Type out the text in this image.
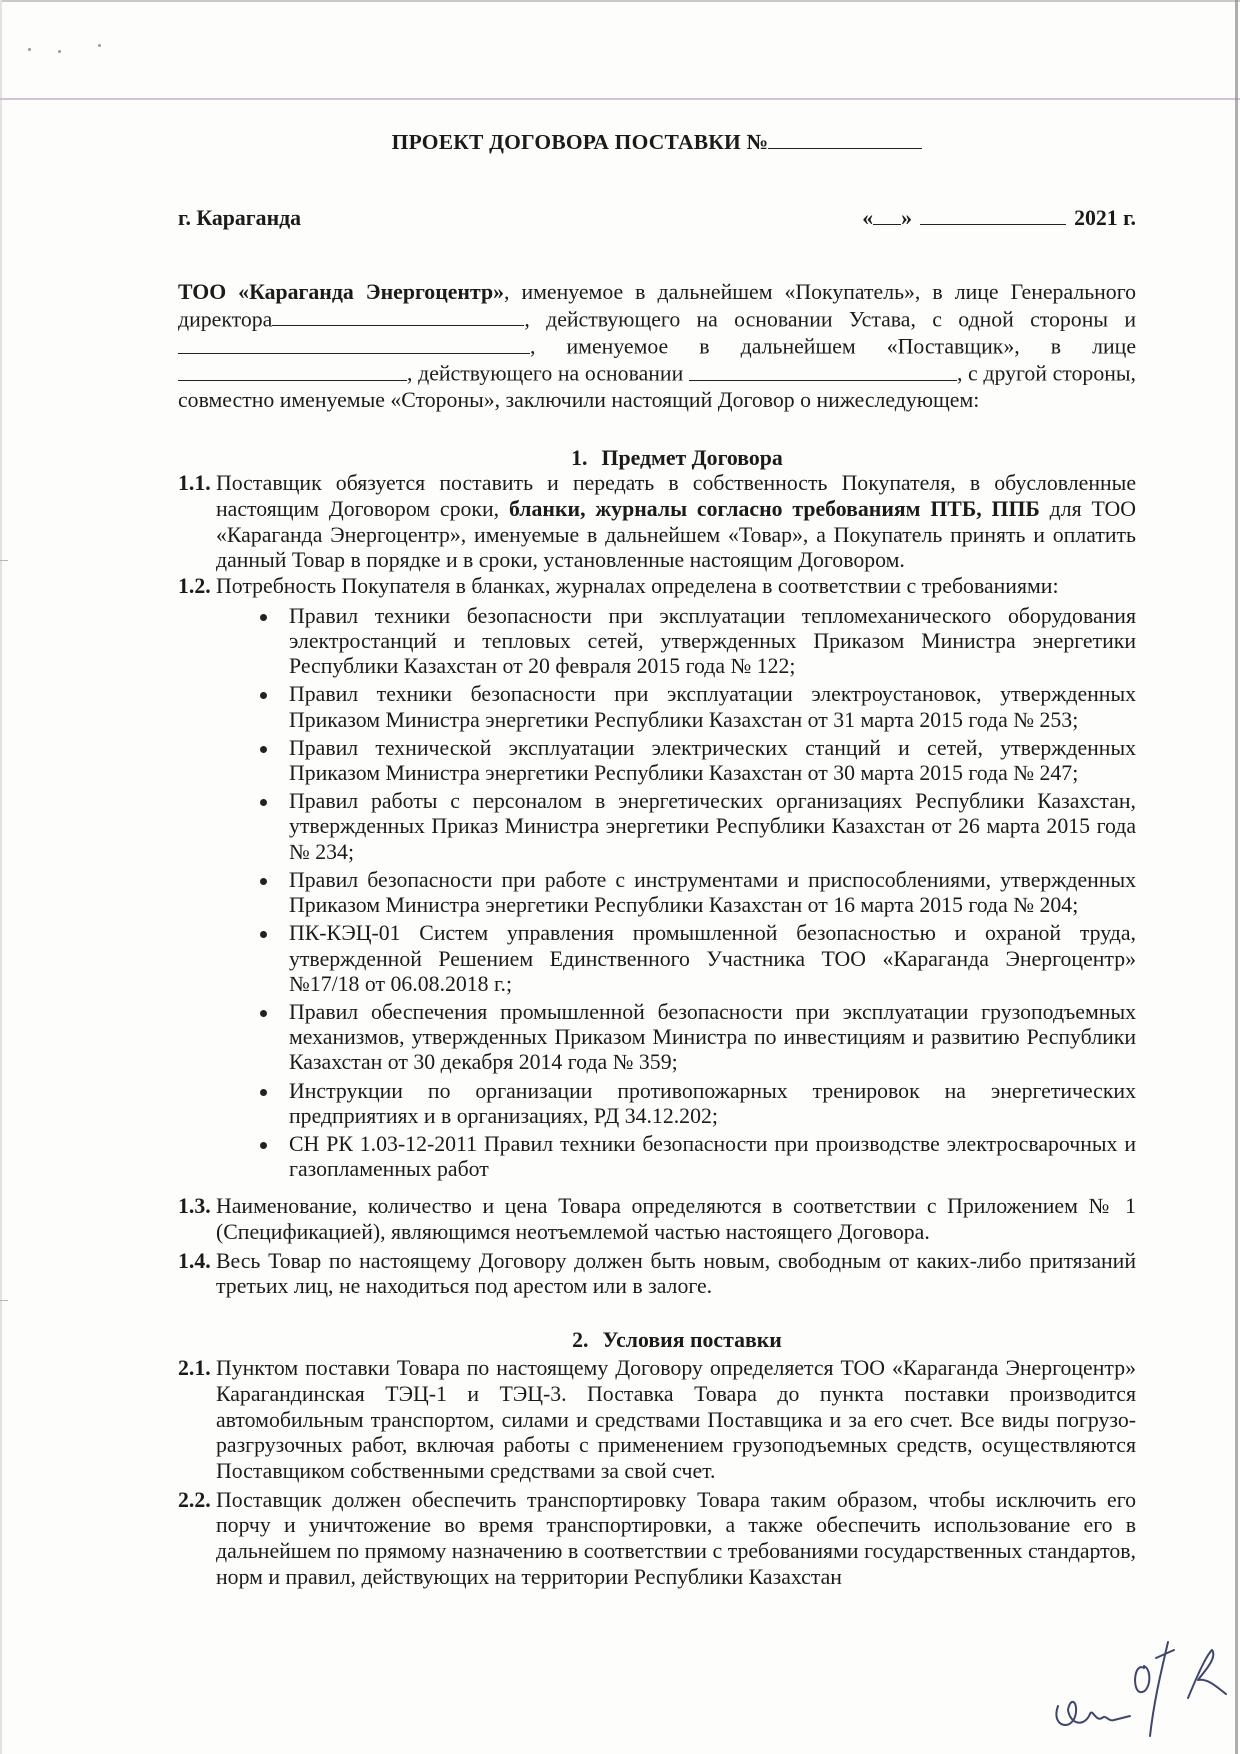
ПРОЕКТ ДОГОВОРА ПОСТАВКИ №
г. Караганда	« »	2021 г.

ТОО «Караганда Энергоцентр», именуемое в дальнейшем «Покупатель», в лице Генерального директора	, действующего на основании Устава, с одной стороны и , именуемое в дальнейшем «Поставщик», в лице , действующего на основании	, с другой стороны, совместно именуемые «Стороны», заключили настоящий Договор о нижеследующем:

1. Предмет Договора
1.1. Поставщик обязуется поставить и передать в собственность Покупателя, в обусловленные настоящим Договором сроки, бланки, журналы согласно требованиям ПТБ, ППБ для ТОО «Караганда Энергоцентр», именуемые в дальнейшем «Товар», а Покупатель принять и оплатить данный Товар в порядке и в сроки, установленные настоящим Договором.
1.2. Потребность Покупателя в бланках, журналах определена в соответствии с требованиями:
Правил техники безопасности при эксплуатации тепломеханического оборудования электростанций и тепловых сетей, утвержденных Приказом Министра энергетики Республики Казахстан от 20 февраля 2015 года № 122;
Правил техники безопасности при эксплуатации электроустановок, утвержденных Приказом Министра энергетики Республики Казахстан от 31 марта 2015 года № 253;
Правил технической эксплуатации электрических станций и сетей, утвержденных Приказом Министра энергетики Республики Казахстан от 30 марта 2015 года № 247;
Правил работы с персоналом в энергетических организациях Республики Казахстан, утвержденных Приказ Министра энергетики Республики Казахстан от 26 марта 2015 года № 234;
Правил безопасности при работе с инструментами и приспособлениями, утвержденных Приказом Министра энергетики Республики Казахстан от 16 марта 2015 года № 204;
ПК-КЭЦ-01 Систем управления промышленной безопасностью и охраной труда, утвержденной Решением Единственного Участника ТОО «Караганда Энергоцентр» №17/18 от 06.08.2018 г.;
Правил обеспечения промышленной безопасности при эксплуатации грузоподъемных механизмов, утвержденных Приказом Министра по инвестициям и развитию Республики Казахстан от 30 декабря 2014 года № 359;
Инструкции по организации противопожарных тренировок на энергетических предприятиях и в организациях, РД 34.12.202;
СН РК 1.03-12-2011 Правил техники безопасности при производстве электросварочных и газопламенных работ
1.3. Наименование, количество и цена Товара определяются в соответствии с Приложением № 1 (Спецификацией), являющимся неотъемлемой частью настоящего Договора.
1.4. Весь Товар по настоящему Договору должен быть новым, свободным от каких-либо притязаний третьих лиц, не находиться под арестом или в залоге.
2. Условия поставки
2.1. Пунктом поставки Товара по настоящему Договору определяется ТОО «Караганда Энергоцентр» Карагандинская ТЭЦ-1 и ТЭЦ-3. Поставка Товара до пункта поставки производится автомобильным транспортом, силами и средствами Поставщика и за его счет. Все виды погрузо-разгрузочных работ, включая работы с применением грузоподъемных средств, осуществляются Поставщиком собственными средствами за свой счет.
2.2. Поставщик должен обеспечить транспортировку Товара таким образом, чтобы исключить его порчу и уничтожение во время транспортировки, а также обеспечить использование его в дальнейшем по прямому назначению в соответствии с требованиями государственных стандартов, норм и правил, действующих на территории Республики Казахстан
